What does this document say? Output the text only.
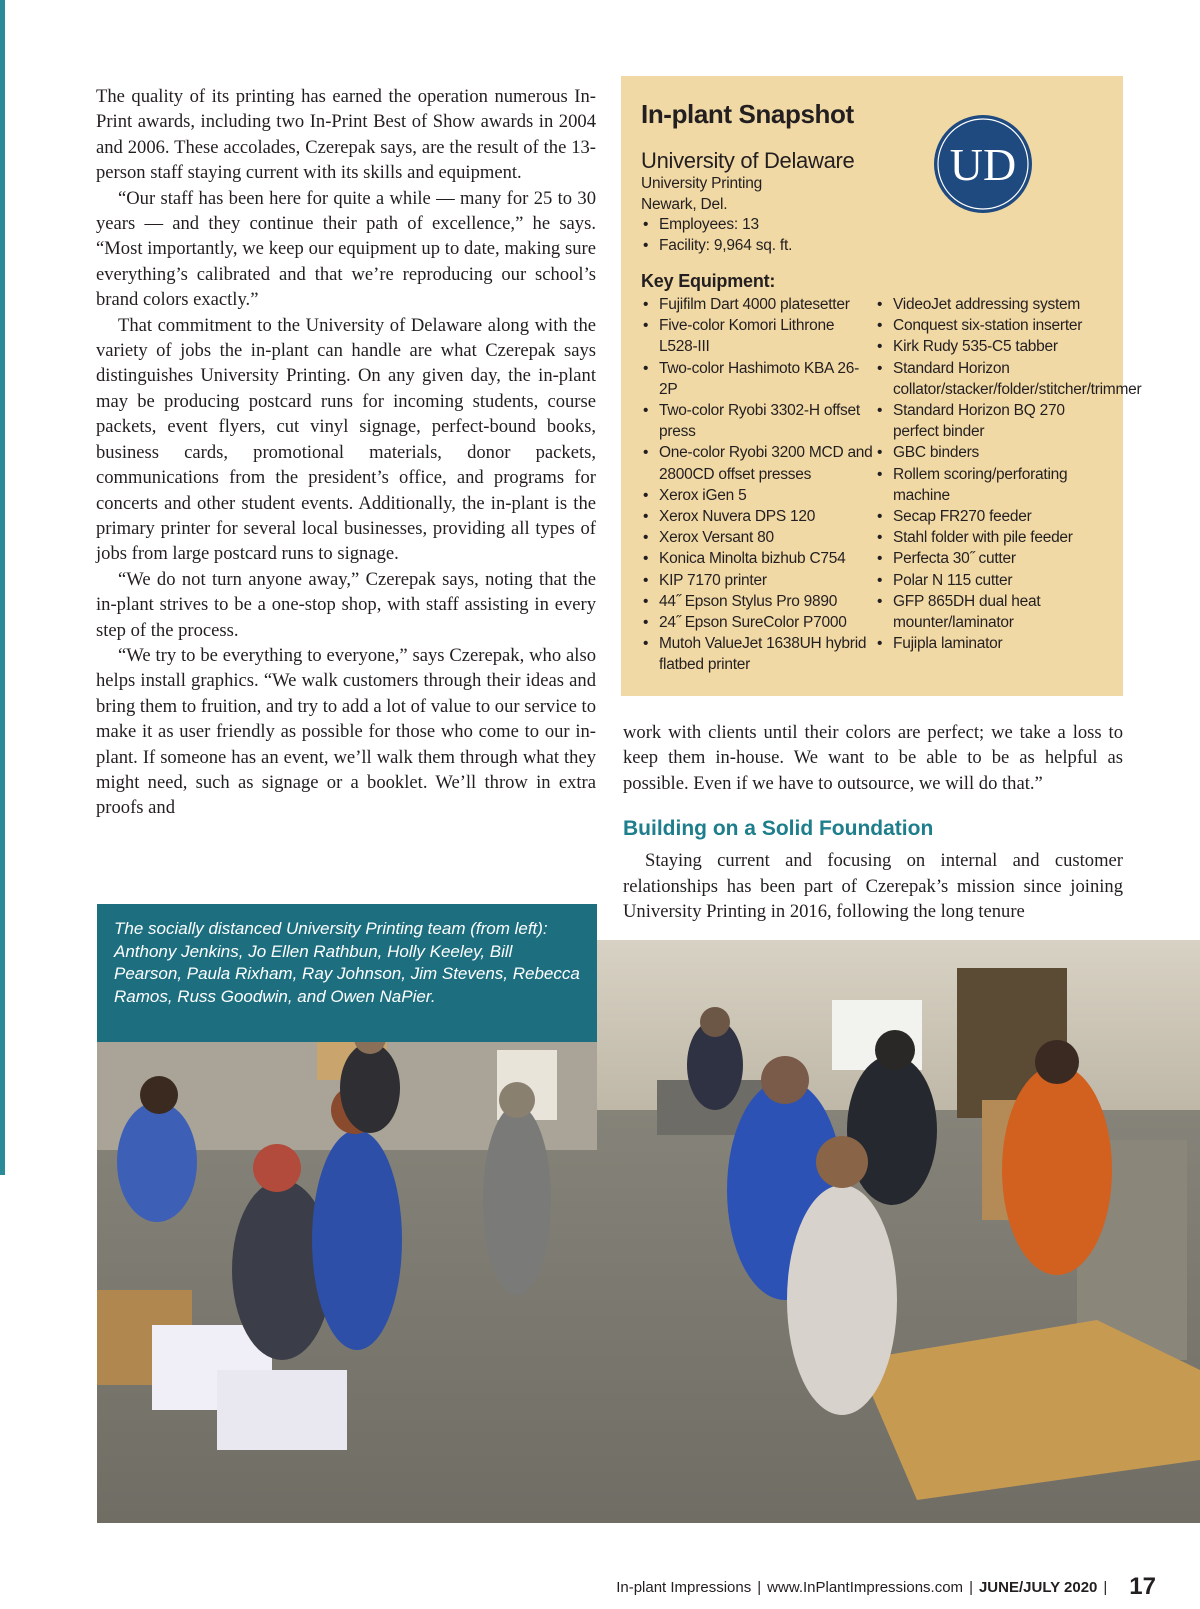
The quality of its printing has earned the operation numerous In-Print awards, including two In-Print Best of Show awards in 2004 and 2006. These accolades, Czerepak says, are the result of the 13-person staff staying current with its skills and equipment.

“Our staff has been here for quite a while — many for 25 to 30 years — and they continue their path of excellence,” he says. “Most importantly, we keep our equipment up to date, making sure everything’s calibrated and that we’re reproducing our school’s brand colors exactly.”

That commitment to the University of Delaware along with the variety of jobs the in-plant can handle are what Czerepak says distinguishes University Printing. On any given day, the in-plant may be producing postcard runs for incoming students, course packets, event flyers, cut vinyl signage, perfect-bound books, business cards, promotional materials, donor packets, communications from the president’s office, and programs for concerts and other student events. Additionally, the in-plant is the primary printer for several local businesses, providing all types of jobs from large postcard runs to signage.

“We do not turn anyone away,” Czerepak says, noting that the in-plant strives to be a one-stop shop, with staff assisting in every step of the process.

“We try to be everything to everyone,” says Czerepak, who also helps install graphics. “We walk customers through their ideas and bring them to fruition, and try to add a lot of value to our service to make it as user friendly as possible for those who come to our in-plant. If someone has an event, we’ll walk them through what they might need, such as signage or a booklet. We’ll throw in extra proofs and

In-plant Snapshot
University of Delaware
University Printing
Newark, Del.
• Employees: 13
• Facility: 9,964 sq. ft.
Key Equipment:
• Fujifilm Dart 4000 platesetter
• Five-color Komori Lithrone L528-III
• Two-color Hashimoto KBA 26-2P
• Two-color Ryobi 3302-H offset press
• One-color Ryobi 3200 MCD and 2800CD offset presses
• Xerox iGen 5
• Xerox Nuvera DPS 120
• Xerox Versant 80
• Konica Minolta bizhub C754
• KIP 7170 printer
• 44˝ Epson Stylus Pro 9890
• 24˝ Epson SureColor P7000
• Mutoh ValueJet 1638UH hybrid flatbed printer
• VideoJet addressing system
• Conquest six-station inserter
• Kirk Rudy 535-C5 tabber
• Standard Horizon collator/stacker/folder/stitcher/trimmer
• Standard Horizon BQ 270 perfect binder
• GBC binders
• Rollem scoring/perforating machine
• Secap FR270 feeder
• Stahl folder with pile feeder
• Perfecta 30˝ cutter
• Polar N 115 cutter
• GFP 865DH dual heat mounter/laminator
• Fujipla laminator
UD

work with clients until their colors are perfect; we take a loss to keep them in-house. We want to be able to be as helpful as possible. Even if we have to outsource, we will do that.”

Building on a Solid Foundation

Staying current and focusing on internal and customer relationships has been part of Czerepak’s mission since joining University Printing in 2016, following the long tenure

The socially distanced University Printing team (from left): Anthony Jenkins, Jo Ellen Rathbun, Holly Keeley, Bill Pearson, Paula Rixham, Ray Johnson, Jim Stevens, Rebecca Ramos, Russ Goodwin, and Owen NaPier.
In-plant Impressions | www.InPlantImpressions.com | JUNE/JULY 2020 | 17
